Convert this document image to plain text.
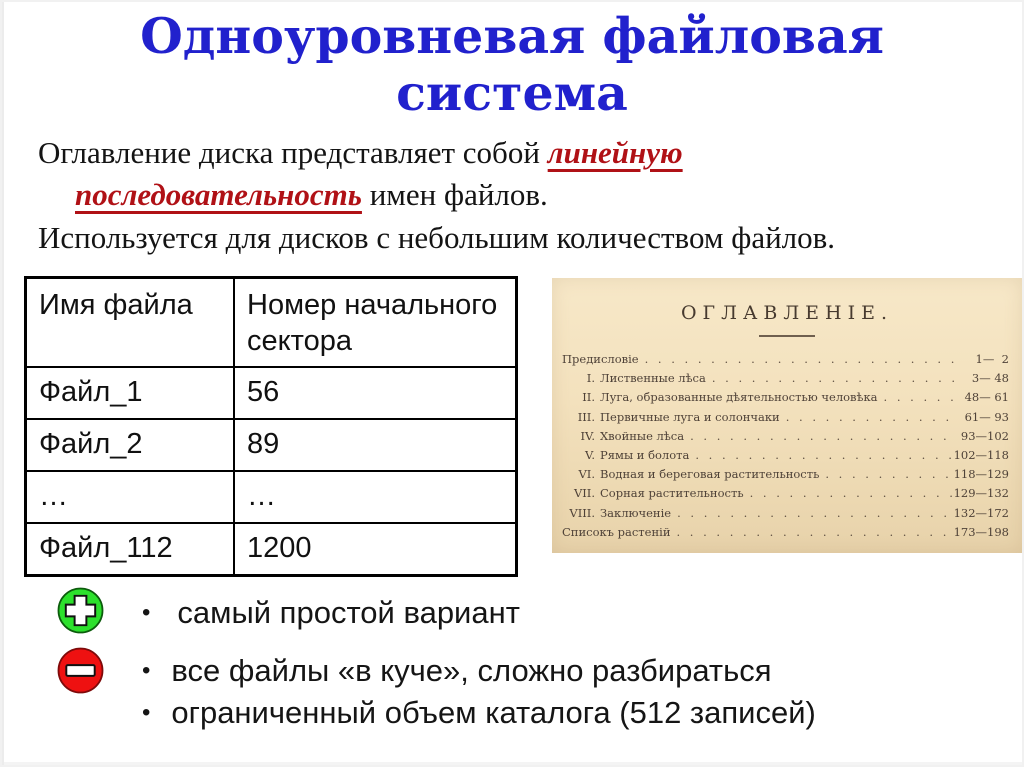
Одноуровневая файловая система
Оглавление диска представляет собой линейную последовательность имен файлов.
Используется для дисков с небольшим количеством файлов.
Имя файла	Номер начального сектора
Файл_1	56
Файл_2	89
…	…
Файл_112	1200
ОГЛАВЛЕНІЕ.
Предисловіе . . .	1—  2
I. Лиственные лѣса . . .	3— 48
II. Луга, образованные дѣятельностью человѣка . . .	48— 61
III. Первичные луга и солончаки . . .	61— 93
IV. Хвойные лѣса . . .	93—102
V. Рямы и болота . . .	102—118
VI. Водная и береговая растительность . . .	118—129
VII. Сорная растительность . . .	129—132
VIII. Заключеніе . . .	132—172
Списокъ растеній . . .	173—198
• самый простой вариант
• все файлы «в куче», сложно разбираться
• ограниченный объем каталога (512 записей)
